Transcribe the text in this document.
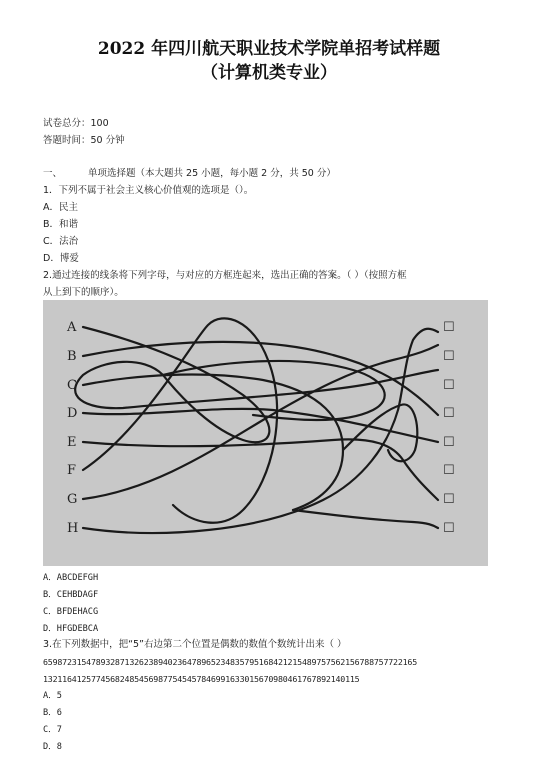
2022 年四川航天职业技术学院单招考试样题
（计算机类专业）
试卷总分：100
答题时间：50 分钟
一、	单项选择题（本大题共 25 小题，每小题 2 分，共 50 分）
1．下列不属于社会主义核心价值观的选项是（）。
A．民主
B．和谐
C．法治
D．博爱
2.通过连接的线条将下列字母，与对应的方框连起来，选出正确的答案。（ ）（按照方框
从上到下的顺序）。
A
B
C
D
E
F
G
H
☐
☐
☐
☐
☐
☐
☐
☐
A．ABCDEFGH
B．CEHBDAGF
C．BFDEHACG
D．HFGDEBCA
3.在下列数据中，把“5”右边第二个位置是偶数的数值个数统计出来（ ）
659872315478932871326238940236478965234835795168421215489757562156788757722165
132116412577456824854569877545457846991633015670980461767892140115
A．5
B．6
C．7
D．8
